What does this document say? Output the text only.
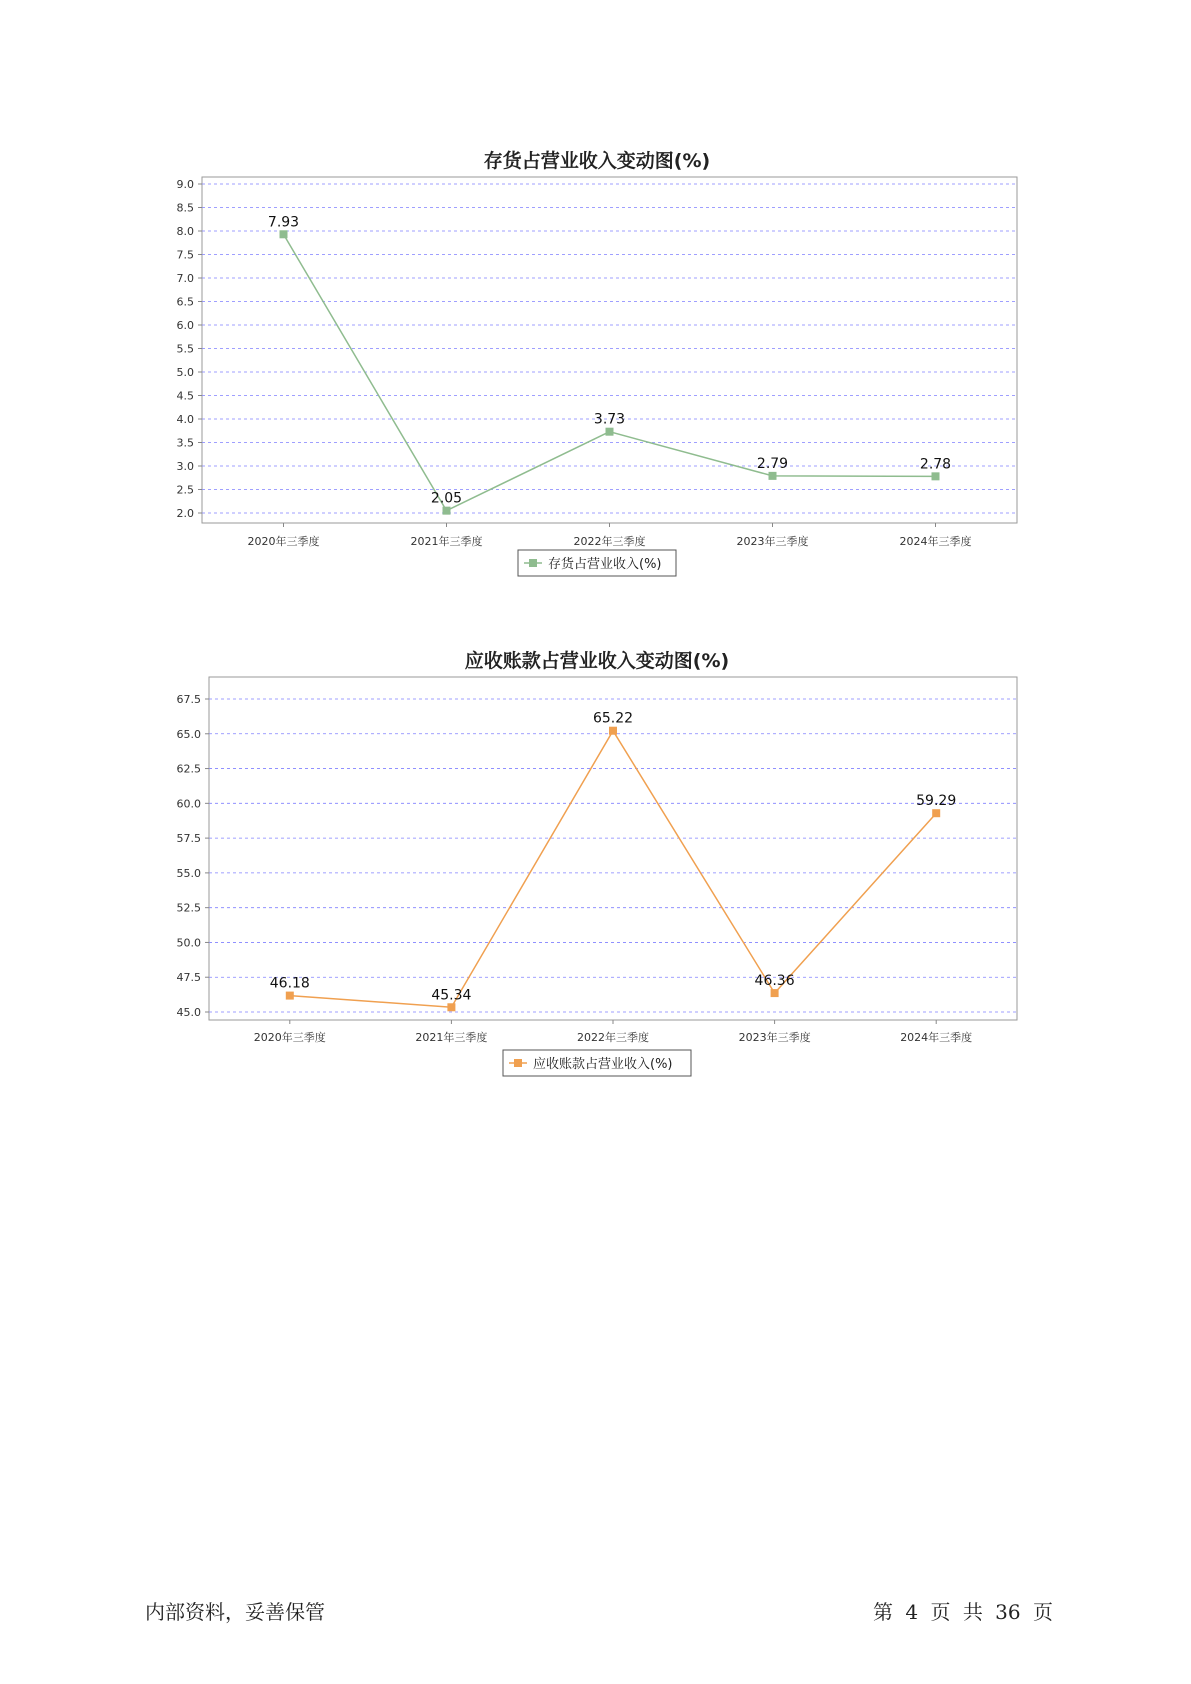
存货占营业收入变动图(%)
2.0
2.5
3.0
3.5
4.0
4.5
5.0
5.5
6.0
6.5
7.0
7.5
8.0
8.5
9.0
2020年三季度	2021年三季度	2022年三季度	2023年三季度	2024年三季度
7.93
2.05
3.73
2.79	2.78
存货占营业收入(%)
应收账款占营业收入变动图(%)
45.0
47.5
50.0
52.5
55.0
57.5
60.0
62.5
65.0
67.5
2020年三季度	2021年三季度	2022年三季度	2023年三季度	2024年三季度
46.18
45.34
65.22
46.36
59.29
应收账款占营业收入(%)
内部资料，妥善保管	第 4 页 共 36 页
